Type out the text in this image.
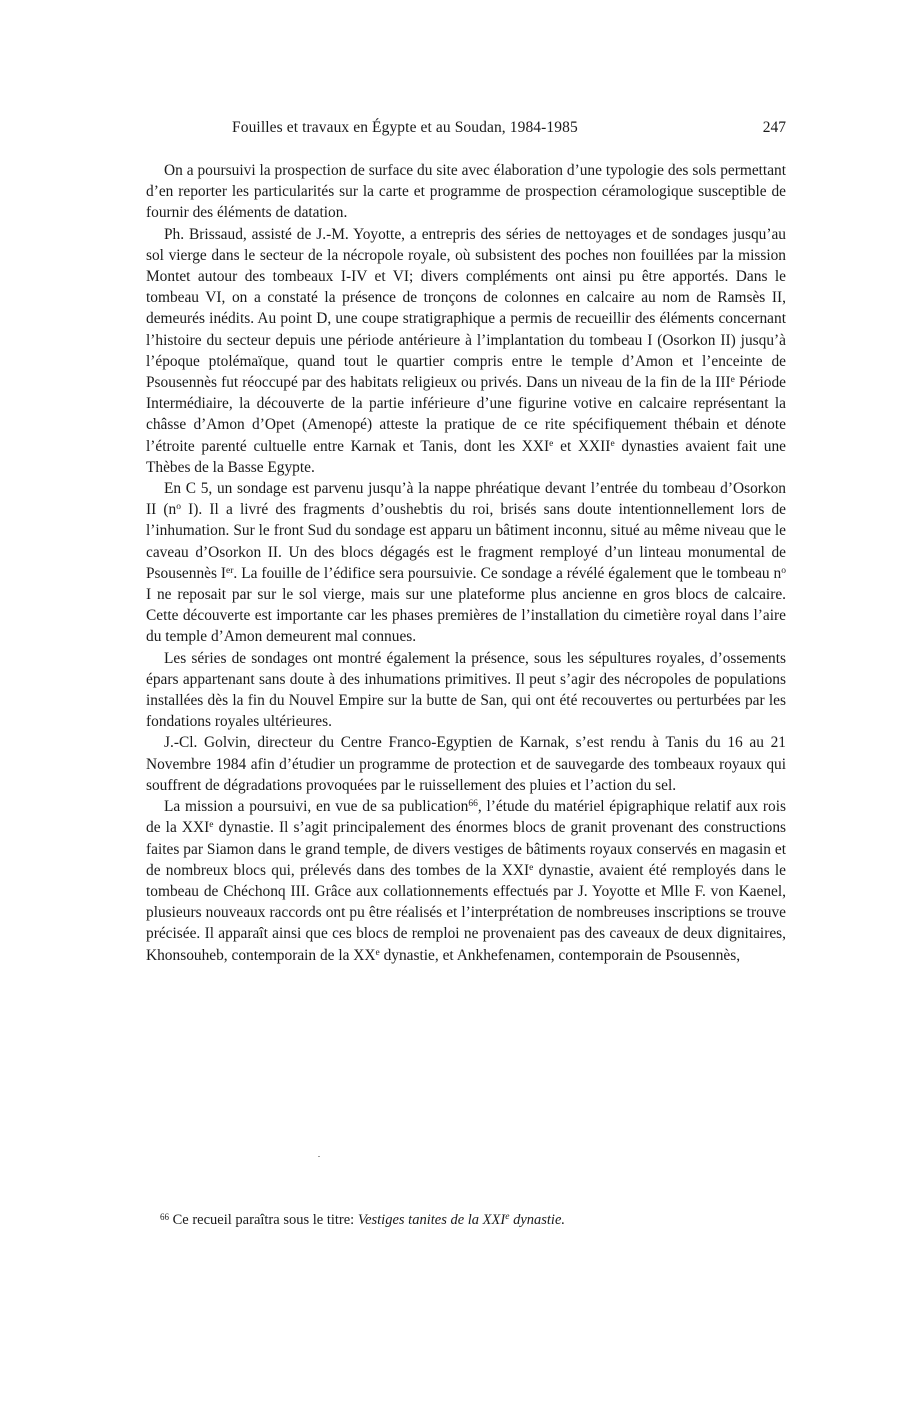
Fouilles et travaux en Égypte et au Soudan, 1984-1985	247

On a poursuivi la prospection de surface du site avec élaboration d’une typologie des sols permettant d’en reporter les particularités sur la carte et programme de prospection céramologique susceptible de fournir des éléments de datation.

Ph. Brissaud, assisté de J.-M. Yoyotte, a entrepris des séries de nettoyages et de sondages jusqu’au sol vierge dans le secteur de la nécropole royale, où subsistent des poches non fouillées par la mission Montet autour des tombeaux I-IV et VI; divers compléments ont ainsi pu être apportés. Dans le tombeau VI, on a constaté la présence de tronçons de colonnes en calcaire au nom de Ramsès II, demeurés inédits. Au point D, une coupe stratigraphique a permis de recueillir des éléments concernant l’histoire du secteur depuis une période antérieure à l’implantation du tombeau I (Osorkon II) jusqu’à l’époque ptolémaïque, quand tout le quartier compris entre le temple d’Amon et l’enceinte de Psousennès fut réoccupé par des habitats religieux ou privés. Dans un niveau de la fin de la IIIe Période Intermédiaire, la découverte de la partie inférieure d’une figurine votive en calcaire représentant la châsse d’Amon d’Opet (Amenopé) atteste la pratique de ce rite spécifiquement thébain et dénote l’étroite parenté cultuelle entre Karnak et Tanis, dont les XXIe et XXIIe dynasties avaient fait une Thèbes de la Basse Egypte.

En C 5, un sondage est parvenu jusqu’à la nappe phréatique devant l’entrée du tombeau d’Osorkon II ($n^o$ I). Il a livré des fragments d’oushebtis du roi, brisés sans doute intentionnellement lors de l’inhumation. Sur le front Sud du sondage est apparu un bâtiment inconnu, situé au même niveau que le caveau d’Osorkon II. Un des blocs dégagés est le fragment remployé d’un linteau monumental de Psousennès Ier. La fouille de l’édifice sera poursuivie. Ce sondage a révélé également que le tombeau $n^o$ I ne reposait par sur le sol vierge, mais sur une plateforme plus ancienne en gros blocs de calcaire. Cette découverte est importante car les phases premières de l’installation du cimetière royal dans l’aire du temple d’Amon demeurent mal connues.

Les séries de sondages ont montré également la présence, sous les sépultures royales, d’ossements épars appartenant sans doute à des inhumations primitives. Il peut s’agir des nécropoles de populations installées dès la fin du Nouvel Empire sur la butte de San, qui ont été recouvertes ou perturbées par les fondations royales ultérieures.

J.-Cl. Golvin, directeur du Centre Franco-Egyptien de Karnak, s’est rendu à Tanis du 16 au 21 Novembre 1984 afin d’étudier un programme de protection et de sauvegarde des tombeaux royaux qui souffrent de dégradations provoquées par le ruissellement des pluies et l’action du sel.

La mission a poursuivi, en vue de sa publication$^{66}$, l’étude du matériel épigraphique relatif aux rois de la XXIe dynastie. Il s’agit principalement des énormes blocs de granit provenant des constructions faites par Siamon dans le grand temple, de divers vestiges de bâtiments royaux conservés en magasin et de nombreux blocs qui, prélevés dans des tombes de la XXIe dynastie, avaient été remployés dans le tombeau de Chéchonq III. Grâce aux collationnements effectués par J. Yoyotte et Mlle F. von Kaenel, plusieurs nouveaux raccords ont pu être réalisés et l’interprétation de nombreuses inscriptions se trouve précisée. Il apparaît ainsi que ces blocs de remploi ne provenaient pas des caveaux de deux dignitaires, Khonsouheb, contemporain de la XXe dynastie, et Ankhefenamen, contemporain de Psousennès,

$^{66}$ Ce recueil paraîtra sous le titre: Vestiges tanites de la XXIe dynastie.
